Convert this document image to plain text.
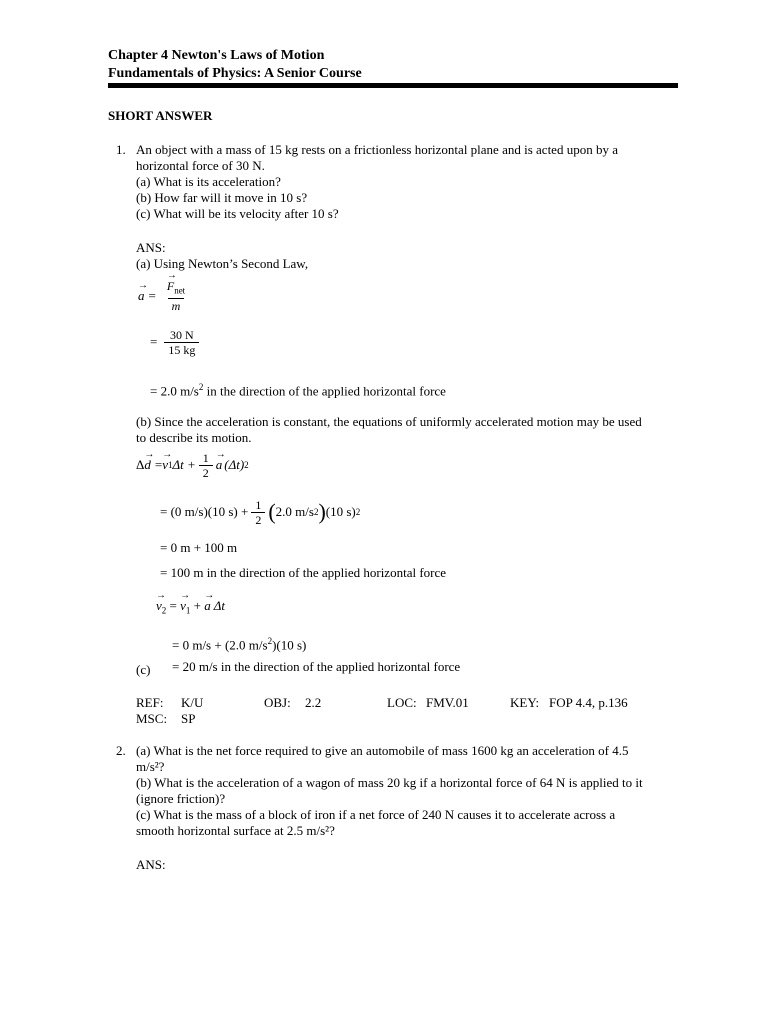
Chapter 4 Newton's Laws of Motion
Fundamentals of Physics: A Senior Course
SHORT ANSWER
1. An object with a mass of 15 kg rests on a frictionless horizontal plane and is acted upon by a
horizontal force of 30 N.
(a) What is its acceleration?
(b) How far will it move in 10 s?
(c) What will be its velocity after 10 s?
ANS:
(a) Using Newton’s Second Law,
→ a =
→ $\frac{F_{net}}{m}$
= $\frac{30 N}{15 kg}$
= 2.0 $m/s^2$ in the direction of the applied horizontal force
(b) Since the acceleration is constant, the equations of uniformly accelerated motion may be used
to describe its motion.
Δ
→ d =
→ v 1 $\Delta t + \frac{1}{2}$
→ a (Δt) 2
= (0 m/s)(10 $s) + \frac{1}{2}$ ( 2.0 m/s 2 ) (10 s) 2
= 0 m + 100 m
= 100 m in the direction of the applied horizontal force
→ $v_2$ = → $v_1$ + → a Δt
= 0 m/s + (2.0 $m/s^2)(10$ s)
(c) = 20 m/s in the direction of the applied horizontal force
REF: K/U	OBJ: 2.2	LOC: FMV.01	KEY: FOP 4.4, p.136
MSC: SP
2. (a) What is the net force required to give an automobile of mass 1600 kg an acceleration of 4.5
m/s²?
(b) What is the acceleration of a wagon of mass 20 kg if a horizontal force of 64 N is applied to it
(ignore friction)?
(c) What is the mass of a block of iron if a net force of 240 N causes it to accelerate across a
smooth horizontal surface at 2.5 m/s²?
ANS:
